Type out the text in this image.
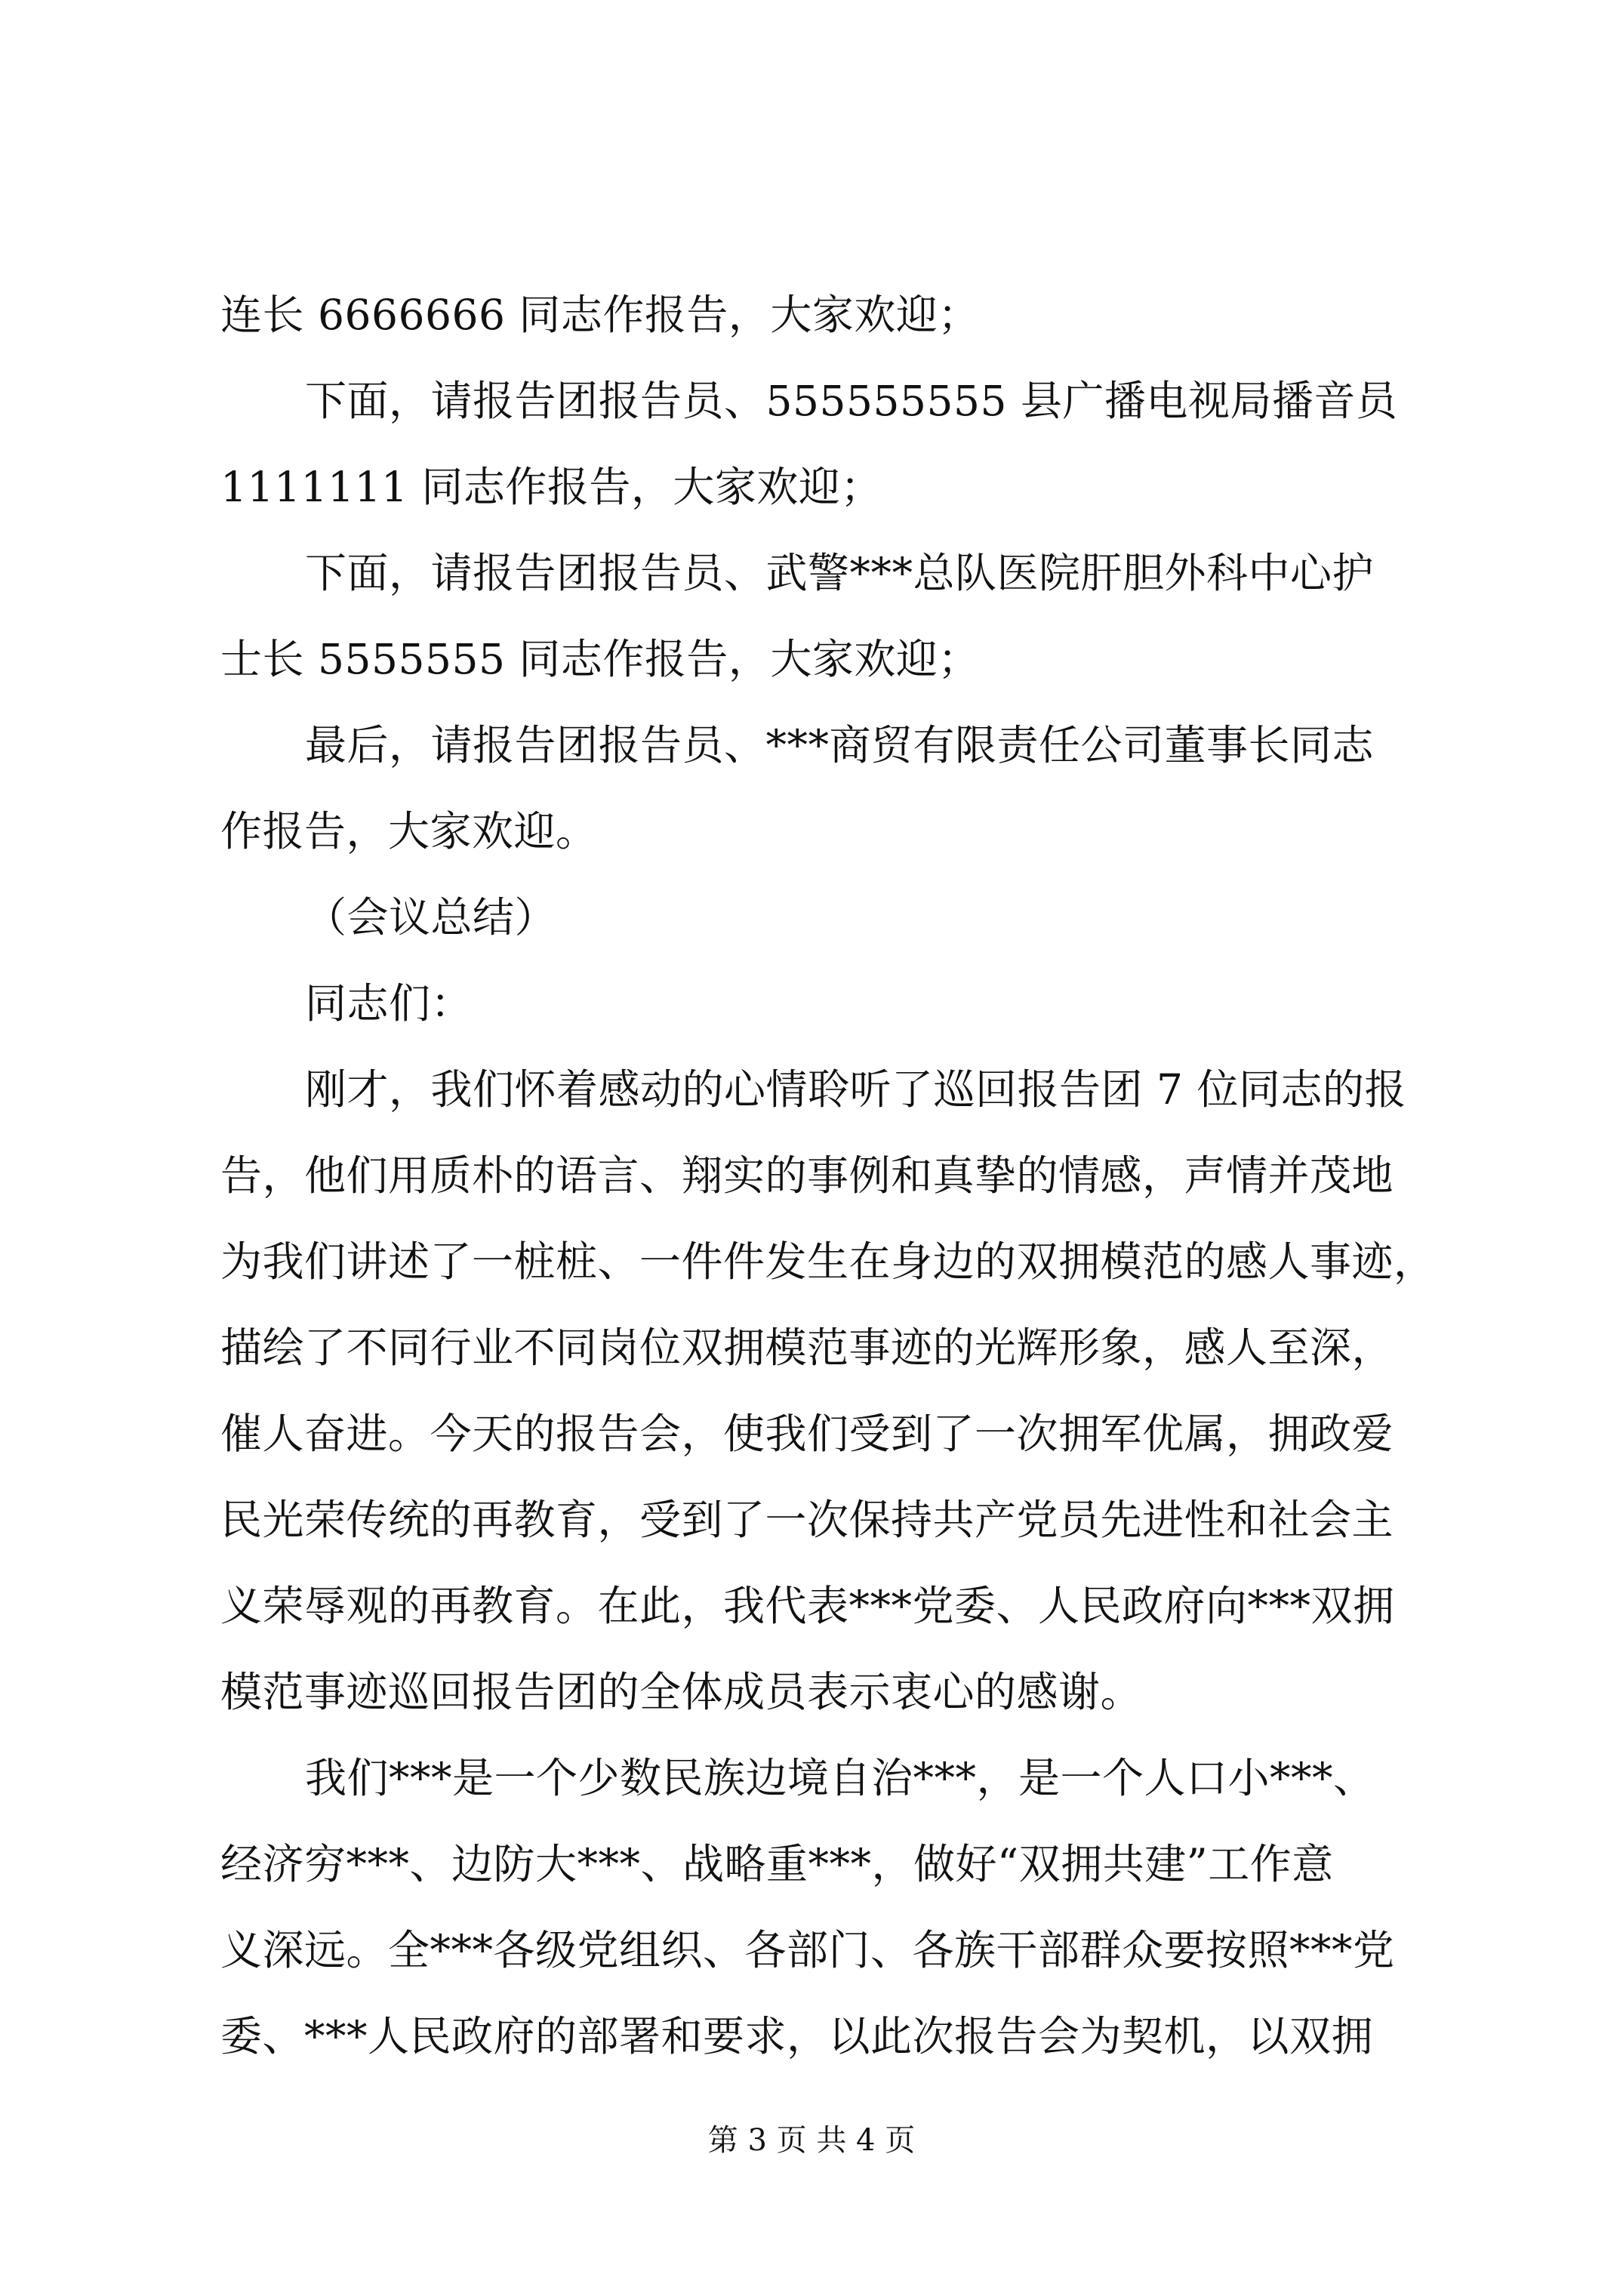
连长 6666666 同志作报告，大家欢迎；
下面，请报告团报告员、555555555 县广播电视局播音员
1111111 同志作报告，大家欢迎；
下面，请报告团报告员、武警***总队医院肝胆外科中心护
士长 5555555 同志作报告，大家欢迎；
最后，请报告团报告员、***商贸有限责任公司董事长同志
作报告，大家欢迎。
（会议总结）
同志们：
刚才，我们怀着感动的心情聆听了巡回报告团 7 位同志的报
告，他们用质朴的语言、翔实的事例和真挚的情感，声情并茂地
为我们讲述了一桩桩、一件件发生在身边的双拥模范的感人事迹，
描绘了不同行业不同岗位双拥模范事迹的光辉形象，感人至深，
催人奋进。今天的报告会，使我们受到了一次拥军优属，拥政爱
民光荣传统的再教育，受到了一次保持共产党员先进性和社会主
义荣辱观的再教育。在此，我代表***党委、人民政府向***双拥
模范事迹巡回报告团的全体成员表示衷心的感谢。
我们***是一个少数民族边境自治***，是一个人口小***、
经济穷***、边防大***、战略重***，做好“双拥共建”工作意
义深远。全***各级党组织、各部门、各族干部群众要按照***党
委、***人民政府的部署和要求，以此次报告会为契机，以双拥
第 3 页 共 4 页
